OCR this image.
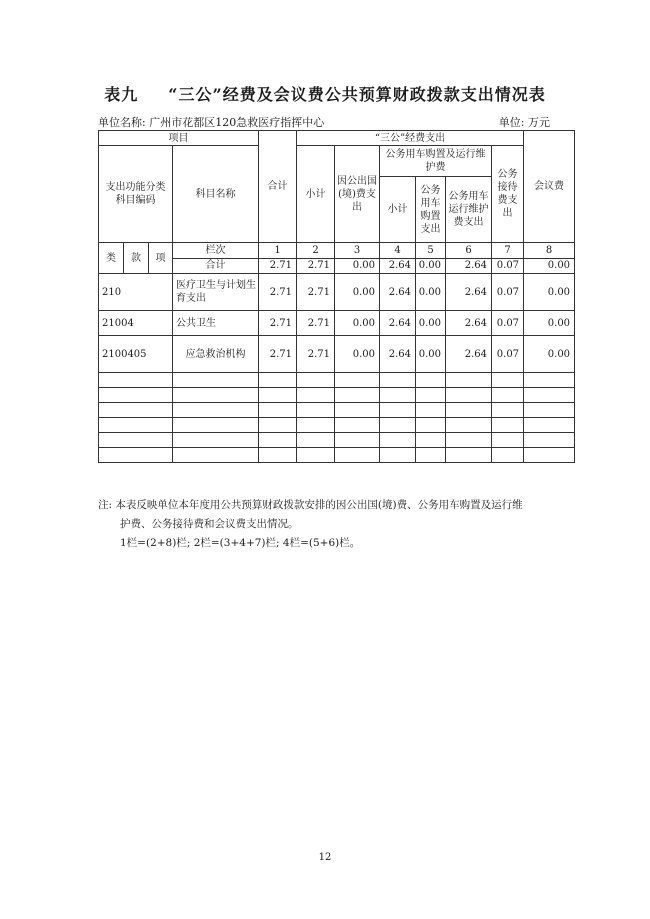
表九 “三公”经费及会议费公共预算财政拨款支出情况表
单位名称: 广州市花都区120急救医疗指挥中心	单位: 万元
项目				合计	“三公”经费支出						会议费
支出功能分类科目编码			科目名称		小计	因公出国(境)费支出	公务用车购置及运行维护费			公务接待费支出	
							小计	公务用车购置支出	公务用车运行维护费支出		

类	款	项	栏次	1	2	3	4	5	6	7	8
			合计	2.71	2.71	0.00	2.64	0.00	2.64	0.07	0.00
210			医疗卫生与计划生育支出	2.71	2.71	0.00	2.64	0.00	2.64	0.07	0.00
21004			公共卫生	2.71	2.71	0.00	2.64	0.00	2.64	0.07	0.00
2100405			应急救治机构	2.71	2.71	0.00	2.64	0.00	2.64	0.07	0.00

注: 本表反映单位本年度用公共预算财政拨款安排的因公出国(境)费、公务用车购置及运行维
护费、公务接待费和会议费支出情况。
1栏=(2+8)栏; 2栏=(3+4+7)栏; 4栏=(5+6)栏。
12
